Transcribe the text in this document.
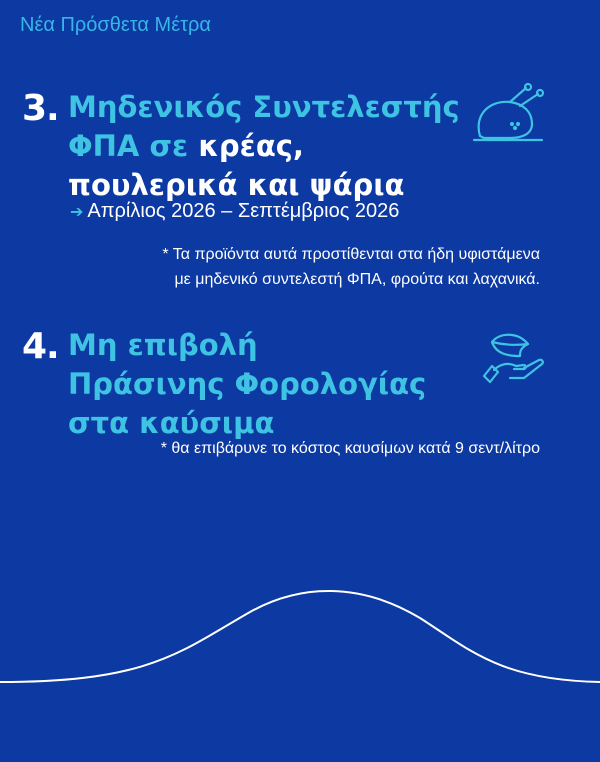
Νέα Πρόσθετα Μέτρα
3. Μηδενικός Συντελεστής
ΦΠΑ σε κρέας,
πουλερικά και ψάρια
➔ Απρίλιος 2026 – Σεπτέμβριος 2026
* Τα προϊόντα αυτά προστίθενται στα ήδη υφιστάμενα
με μηδενικό συντελεστή ΦΠΑ, φρούτα και λαχανικά.
4. Μη επιβολή
Πράσινης Φορολογίας
στα καύσιμα
* θα επιβάρυνε το κόστος καυσίμων κατά 9 σεντ/λίτρο
